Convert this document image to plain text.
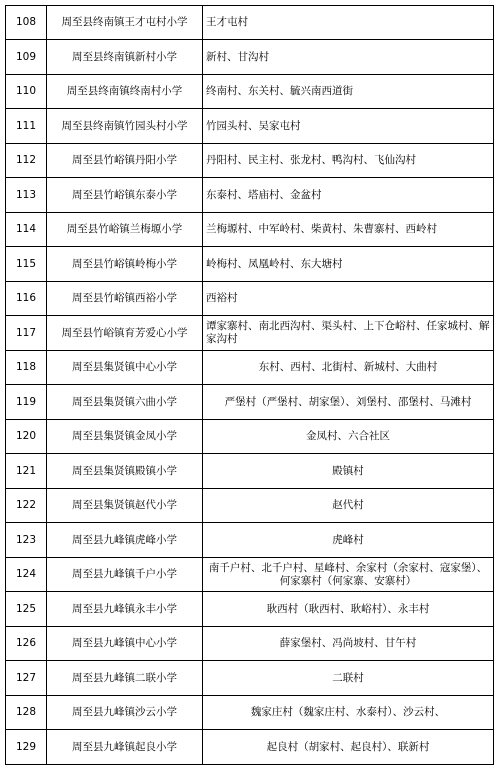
108	周至县终南镇王才屯村小学	王才屯村
109	周至县终南镇新村小学	新村、甘沟村
110	周至县终南镇终南村小学	终南村、东关村、毓兴南西道街
111	周至县终南镇竹园头村小学	竹园头村、吴家屯村
112	周至县竹峪镇丹阳小学	丹阳村、民主村、张龙村、鸭沟村、飞仙沟村
113	周至县竹峪镇东泰小学	东泰村、塔庙村、金盆村
114	周至县竹峪镇兰梅塬小学	兰梅塬村、中军岭村、柴黄村、朱曹寨村、西岭村
115	周至县竹峪镇岭梅小学	岭梅村、凤凰岭村、东大塘村
116	周至县竹峪镇西裕小学	西裕村
117	周至县竹峪镇育芳爱心小学	谭家寨村、南北西沟村、渠头村、上下仓峪村、任家城村、解家沟村
118	周至县集贤镇中心小学	东村、西村、北街村、新城村、大曲村
119	周至县集贤镇六曲小学	严堡村（严堡村、胡家堡）、刘堡村、邵堡村、马滩村
120	周至县集贤镇金凤小学	金凤村、六合社区
121	周至县集贤镇殿镇小学	殿镇村
122	周至县集贤镇赵代小学	赵代村
123	周至县九峰镇虎峰小学	虎峰村
124	周至县九峰镇千户小学	南千户村、北千户村、星峰村、余家村（余家村、寇家堡）、何家寨村（何家寨、安寨村）
125	周至县九峰镇永丰小学	耿西村（耿西村、耿峪村）、永丰村
126	周至县九峰镇中心小学	薛家堡村、冯尚坡村、甘午村
127	周至县九峰镇二联小学	二联村
128	周至县九峰镇沙云小学	魏家庄村（魏家庄村、水泰村）、沙云村、
129	周至县九峰镇起良小学	起良村（胡家村、起良村）、联新村
